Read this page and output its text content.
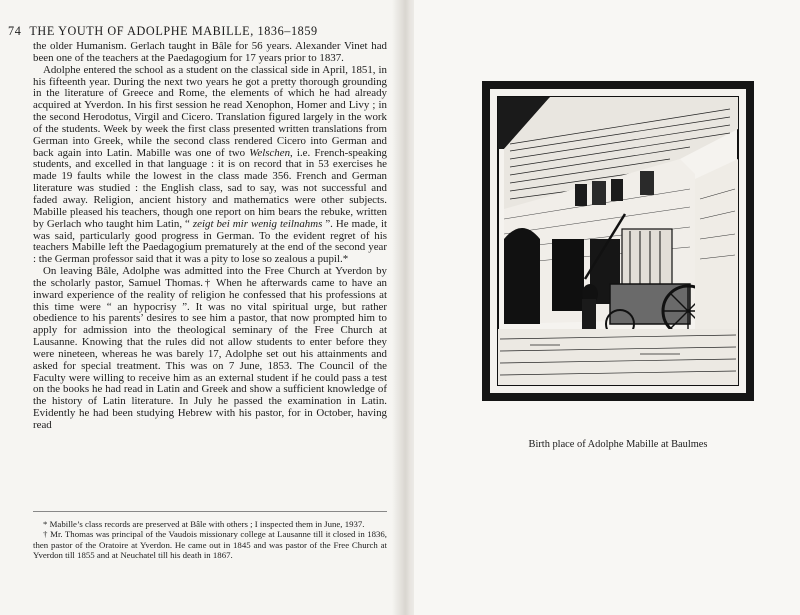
74 THE YOUTH OF ADOLPHE MABILLE, 1836–1859

the older Humanism. Gerlach taught in Bâle for 56 years. Alexander Vinet had been one of the teachers at the Paedagogium for 17 years prior to 1837.

Adolphe entered the school as a student on the classical side in April, 1851, in his fifteenth year. During the next two years he got a pretty thorough grounding in the literature of Greece and Rome, the elements of which he had already acquired at Yverdon. In his first session he read Xenophon, Homer and Livy ; in the second Herodotus, Virgil and Cicero. Translation figured largely in the work of the students. Week by week the first class presented written translations from German into Greek, while the second class rendered Cicero into German and back again into Latin. Mabille was one of two Welschen, i.e. French-speaking students, and excelled in that language : it is on record that in 53 exercises he made 19 faults while the lowest in the class made 356. French and German literature was studied : the English class, sad to say, was not successful and faded away. Religion, ancient history and mathematics were other subjects. Mabille pleased his teachers, though one report on him bears the rebuke, written by Gerlach who taught him Latin, “ zeigt bei mir wenig teilnahms ”. He made, it was said, particularly good progress in German. To the evident regret of his teachers Mabille left the Paedagogium prematurely at the end of the second year : the German professor said that it was a pity to lose so zealous a pupil.*

On leaving Bâle, Adolphe was admitted into the Free Church at Yverdon by the scholarly pastor, Samuel Thomas.† When he afterwards came to have an inward experience of the reality of religion he confessed that his professions at this time were “ an hypocrisy ”. It was no vital spiritual urge, but rather obedience to his parents’ desires to see him a pastor, that now prompted him to apply for admission into the theological seminary of the Free Church at Lausanne. Knowing that the rules did not allow students to enter before they were nineteen, whereas he was barely 17, Adolphe set out his attainments and asked for special treatment. This was on 7 June, 1853. The Council of the Faculty were willing to receive him as an external student if he could pass a test on the books he had read in Latin and Greek and show a sufficient knowledge of the history of Latin literature. In July he passed the examination in Latin. Evidently he had been studying Hebrew with his pastor, for in October, having read

* Mabille’s class records are preserved at Bâle with others ; I inspected them in June, 1937.

† Mr. Thomas was principal of the Vaudois missionary college at Lausanne till it closed in 1836, then pastor of the Oratoire at Yverdon. He came out in 1845 and was pastor of the Free Church at Yverdon till 1855 and at Neuchatel till his death in 1867.

Birth place of Adolphe Mabille at Baulmes
